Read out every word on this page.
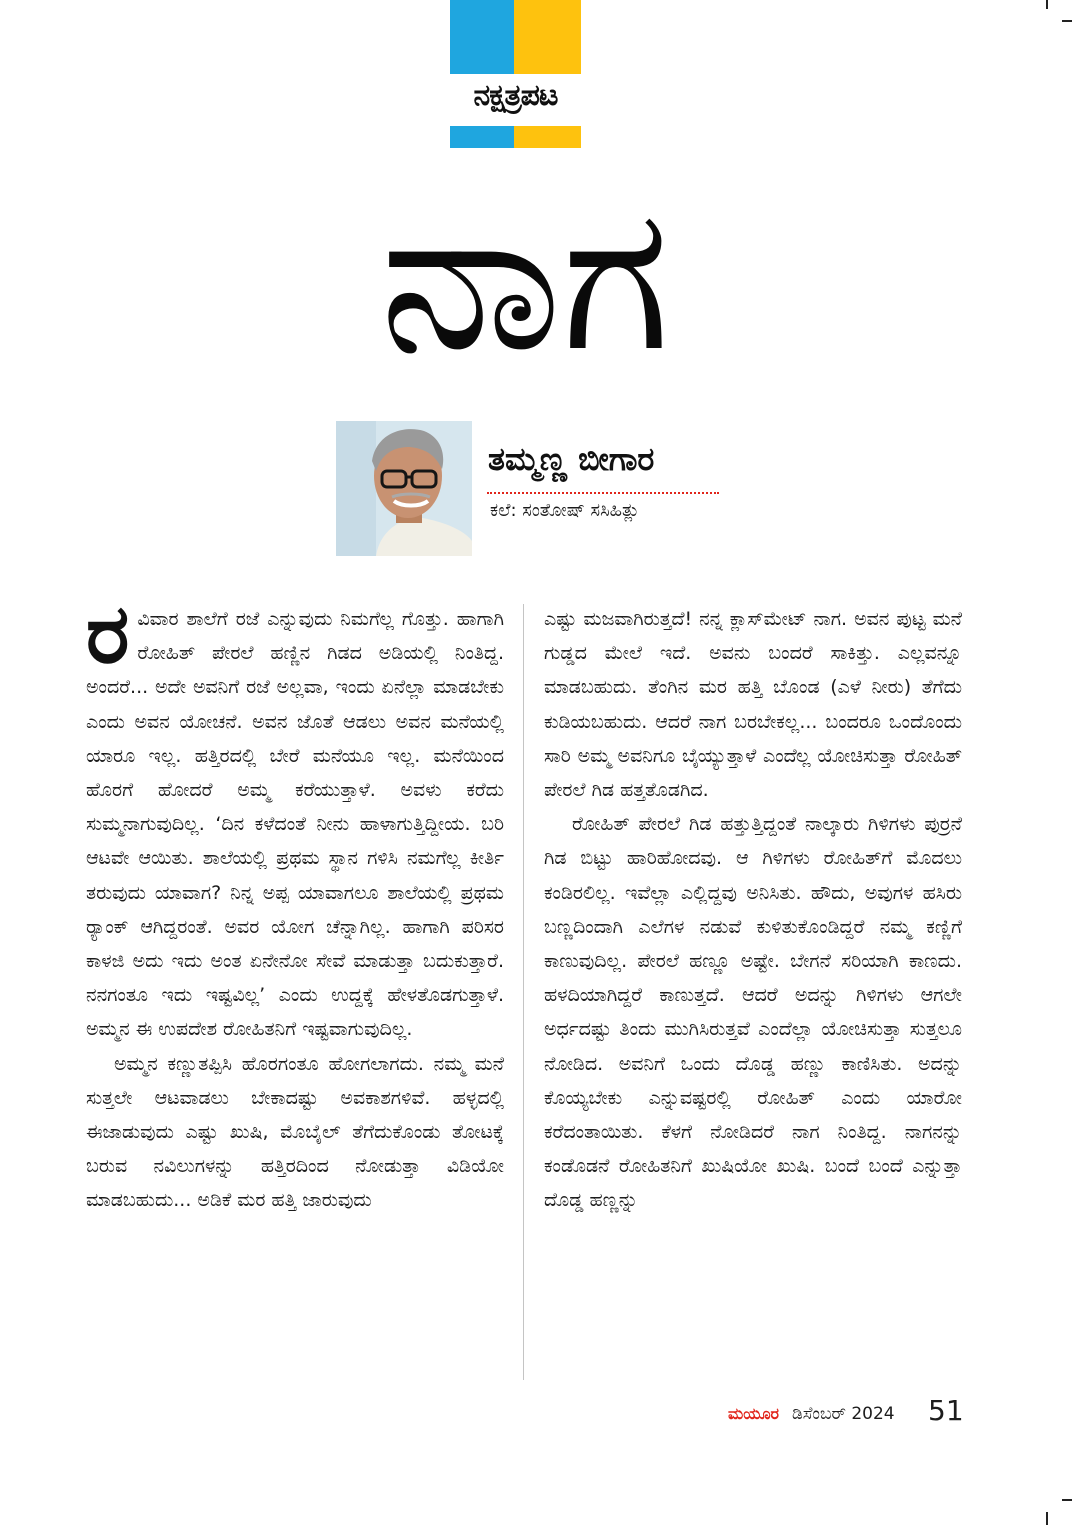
ನಕ್ಷತ್ರಪಟ
ನಾಗ
ತಮ್ಮಣ್ಣ ಬೀಗಾರ
ಕಲೆ: ಸಂತೋಷ್ ಸಸಿಹಿತ್ಲು

ರವಿವಾರ ಶಾಲೆಗೆ ರಜೆ ಎನ್ನುವುದು ನಿಮಗೆಲ್ಲ ಗೊತ್ತು. ಹಾಗಾಗಿ ರೋಹಿತ್ ಪೇರಲೆ ಹಣ್ಣಿನ ಗಿಡದ ಅಡಿಯಲ್ಲಿ ನಿಂತಿದ್ದ. ಅಂದರೆ... ಅದೇ ಅವನಿಗೆ ರಜೆ ಅಲ್ಲವಾ, ಇಂದು ಏನೆಲ್ಲಾ ಮಾಡಬೇಕು ಎಂದು ಅವನ ಯೋಚನೆ. ಅವನ ಜೊತೆ ಆಡಲು ಅವನ ಮನೆಯಲ್ಲಿ ಯಾರೂ ಇಲ್ಲ. ಹತ್ತಿರದಲ್ಲಿ ಬೇರೆ ಮನೆಯೂ ಇಲ್ಲ. ಮನೆಯಿಂದ ಹೊರಗೆ ಹೋದರೆ ಅಮ್ಮ ಕರೆಯುತ್ತಾಳೆ. ಅವಳು ಕರೆದು ಸುಮ್ಮನಾಗುವುದಿಲ್ಲ. ‘ದಿನ ಕಳೆದಂತೆ ನೀನು ಹಾಳಾಗುತ್ತಿದ್ದೀಯ. ಬರಿ ಆಟವೇ ಆಯಿತು. ಶಾಲೆಯಲ್ಲಿ ಪ್ರಥಮ ಸ್ಥಾನ ಗಳಿಸಿ ನಮಗೆಲ್ಲ ಕೀರ್ತಿ ತರುವುದು ಯಾವಾಗ? ನಿನ್ನ ಅಪ್ಪ ಯಾವಾಗಲೂ ಶಾಲೆಯಲ್ಲಿ ಪ್ರಥಮ ರ್‍ಯಾಂಕ್ ಆಗಿದ್ದರಂತೆ. ಅವರ ಯೋಗ ಚೆನ್ನಾಗಿಲ್ಲ. ಹಾಗಾಗಿ ಪರಿಸರ ಕಾಳಜಿ ಅದು ಇದು ಅಂತ ಏನೇನೋ ಸೇವೆ ಮಾಡುತ್ತಾ ಬದುಕುತ್ತಾರೆ. ನನಗಂತೂ ಇದು ಇಷ್ಟವಿಲ್ಲ’ ಎಂದು ಉದ್ದಕ್ಕೆ ಹೇಳತೊಡಗುತ್ತಾಳೆ. ಅಮ್ಮನ ಈ ಉಪದೇಶ ರೋಹಿತನಿಗೆ ಇಷ್ಟವಾಗುವುದಿಲ್ಲ.

ಅಮ್ಮನ ಕಣ್ಣುತಪ್ಪಿಸಿ ಹೊರಗಂತೂ ಹೋಗಲಾಗದು. ನಮ್ಮ ಮನೆ ಸುತ್ತಲೇ ಆಟವಾಡಲು ಬೇಕಾದಷ್ಟು ಅವಕಾಶಗಳಿವೆ. ಹಳ್ಳದಲ್ಲಿ ಈಜಾಡುವುದು ಎಷ್ಟು ಖುಷಿ, ಮೊಬೈಲ್ ತೆಗೆದುಕೊಂಡು ತೋಟಕ್ಕೆ ಬರುವ ನವಿಲುಗಳನ್ನು ಹತ್ತಿರದಿಂದ ನೋಡುತ್ತಾ ವಿಡಿಯೋ ಮಾಡಬಹುದು... ಅಡಿಕೆ ಮರ ಹತ್ತಿ ಜಾರುವುದು

ಎಷ್ಟು ಮಜವಾಗಿರುತ್ತದೆ! ನನ್ನ ಕ್ಲಾಸ್‌ಮೇಟ್ ನಾಗ. ಅವನ ಪುಟ್ಟ ಮನೆ ಗುಡ್ಡದ ಮೇಲೆ ಇದೆ. ಅವನು ಬಂದರೆ ಸಾಕಿತ್ತು. ಎಲ್ಲವನ್ನೂ ಮಾಡಬಹುದು. ತೆಂಗಿನ ಮರ ಹತ್ತಿ ಬೊಂಡ (ಎಳೆ ನೀರು) ತೆಗೆದು ಕುಡಿಯಬಹುದು. ಆದರೆ ನಾಗ ಬರಬೇಕಲ್ಲ... ಬಂದರೂ ಒಂದೊಂದು ಸಾರಿ ಅಮ್ಮ ಅವನಿಗೂ ಬೈಯ್ಯುತ್ತಾಳೆ ಎಂದೆಲ್ಲ ಯೋಚಿಸುತ್ತಾ ರೋಹಿತ್ ಪೇರಲೆ ಗಿಡ ಹತ್ತತೊಡಗಿದ.

ರೋಹಿತ್ ಪೇರಲೆ ಗಿಡ ಹತ್ತುತ್ತಿದ್ದಂತೆ ನಾಲ್ಕಾರು ಗಿಳಿಗಳು ಪುರ್‍ರನೆ ಗಿಡ ಬಿಟ್ಟು ಹಾರಿಹೋದವು. ಆ ಗಿಳಿಗಳು ರೋಹಿತ್‌ಗೆ ಮೊದಲು ಕಂಡಿರಲಿಲ್ಲ. ಇವೆಲ್ಲಾ ಎಲ್ಲಿದ್ದವು ಅನಿಸಿತು. ಹೌದು, ಅವುಗಳ ಹಸಿರು ಬಣ್ಣದಿಂದಾಗಿ ಎಲೆಗಳ ನಡುವೆ ಕುಳಿತುಕೊಂಡಿದ್ದರೆ ನಮ್ಮ ಕಣ್ಣಿಗೆ ಕಾಣುವುದಿಲ್ಲ. ಪೇರಲೆ ಹಣ್ಣೂ ಅಷ್ಟೇ. ಬೇಗನೆ ಸರಿಯಾಗಿ ಕಾಣದು. ಹಳದಿಯಾಗಿದ್ದರೆ ಕಾಣುತ್ತದೆ. ಆದರೆ ಅದನ್ನು ಗಿಳಿಗಳು ಆಗಲೇ ಅರ್ಧದಷ್ಟು ತಿಂದು ಮುಗಿಸಿರುತ್ತವೆ ಎಂದೆಲ್ಲಾ ಯೋಚಿಸುತ್ತಾ ಸುತ್ತಲೂ ನೋಡಿದ. ಅವನಿಗೆ ಒಂದು ದೊಡ್ಡ ಹಣ್ಣು ಕಾಣಿಸಿತು. ಅದನ್ನು ಕೊಯ್ಯಬೇಕು ಎನ್ನುವಷ್ಟರಲ್ಲಿ ರೋಹಿತ್ ಎಂದು ಯಾರೋ ಕರೆದಂತಾಯಿತು. ಕೆಳಗೆ ನೋಡಿದರೆ ನಾಗ ನಿಂತಿದ್ದ. ನಾಗನನ್ನು ಕಂಡೊಡನೆ ರೋಹಿತನಿಗೆ ಖುಷಿಯೋ ಖುಷಿ. ಬಂದೆ ಬಂದೆ ಎನ್ನುತ್ತಾ ದೊಡ್ಡ ಹಣ್ಣನ್ನು

ಮಯೂರ ಡಿಸೆಂಬರ್ 2024 51
